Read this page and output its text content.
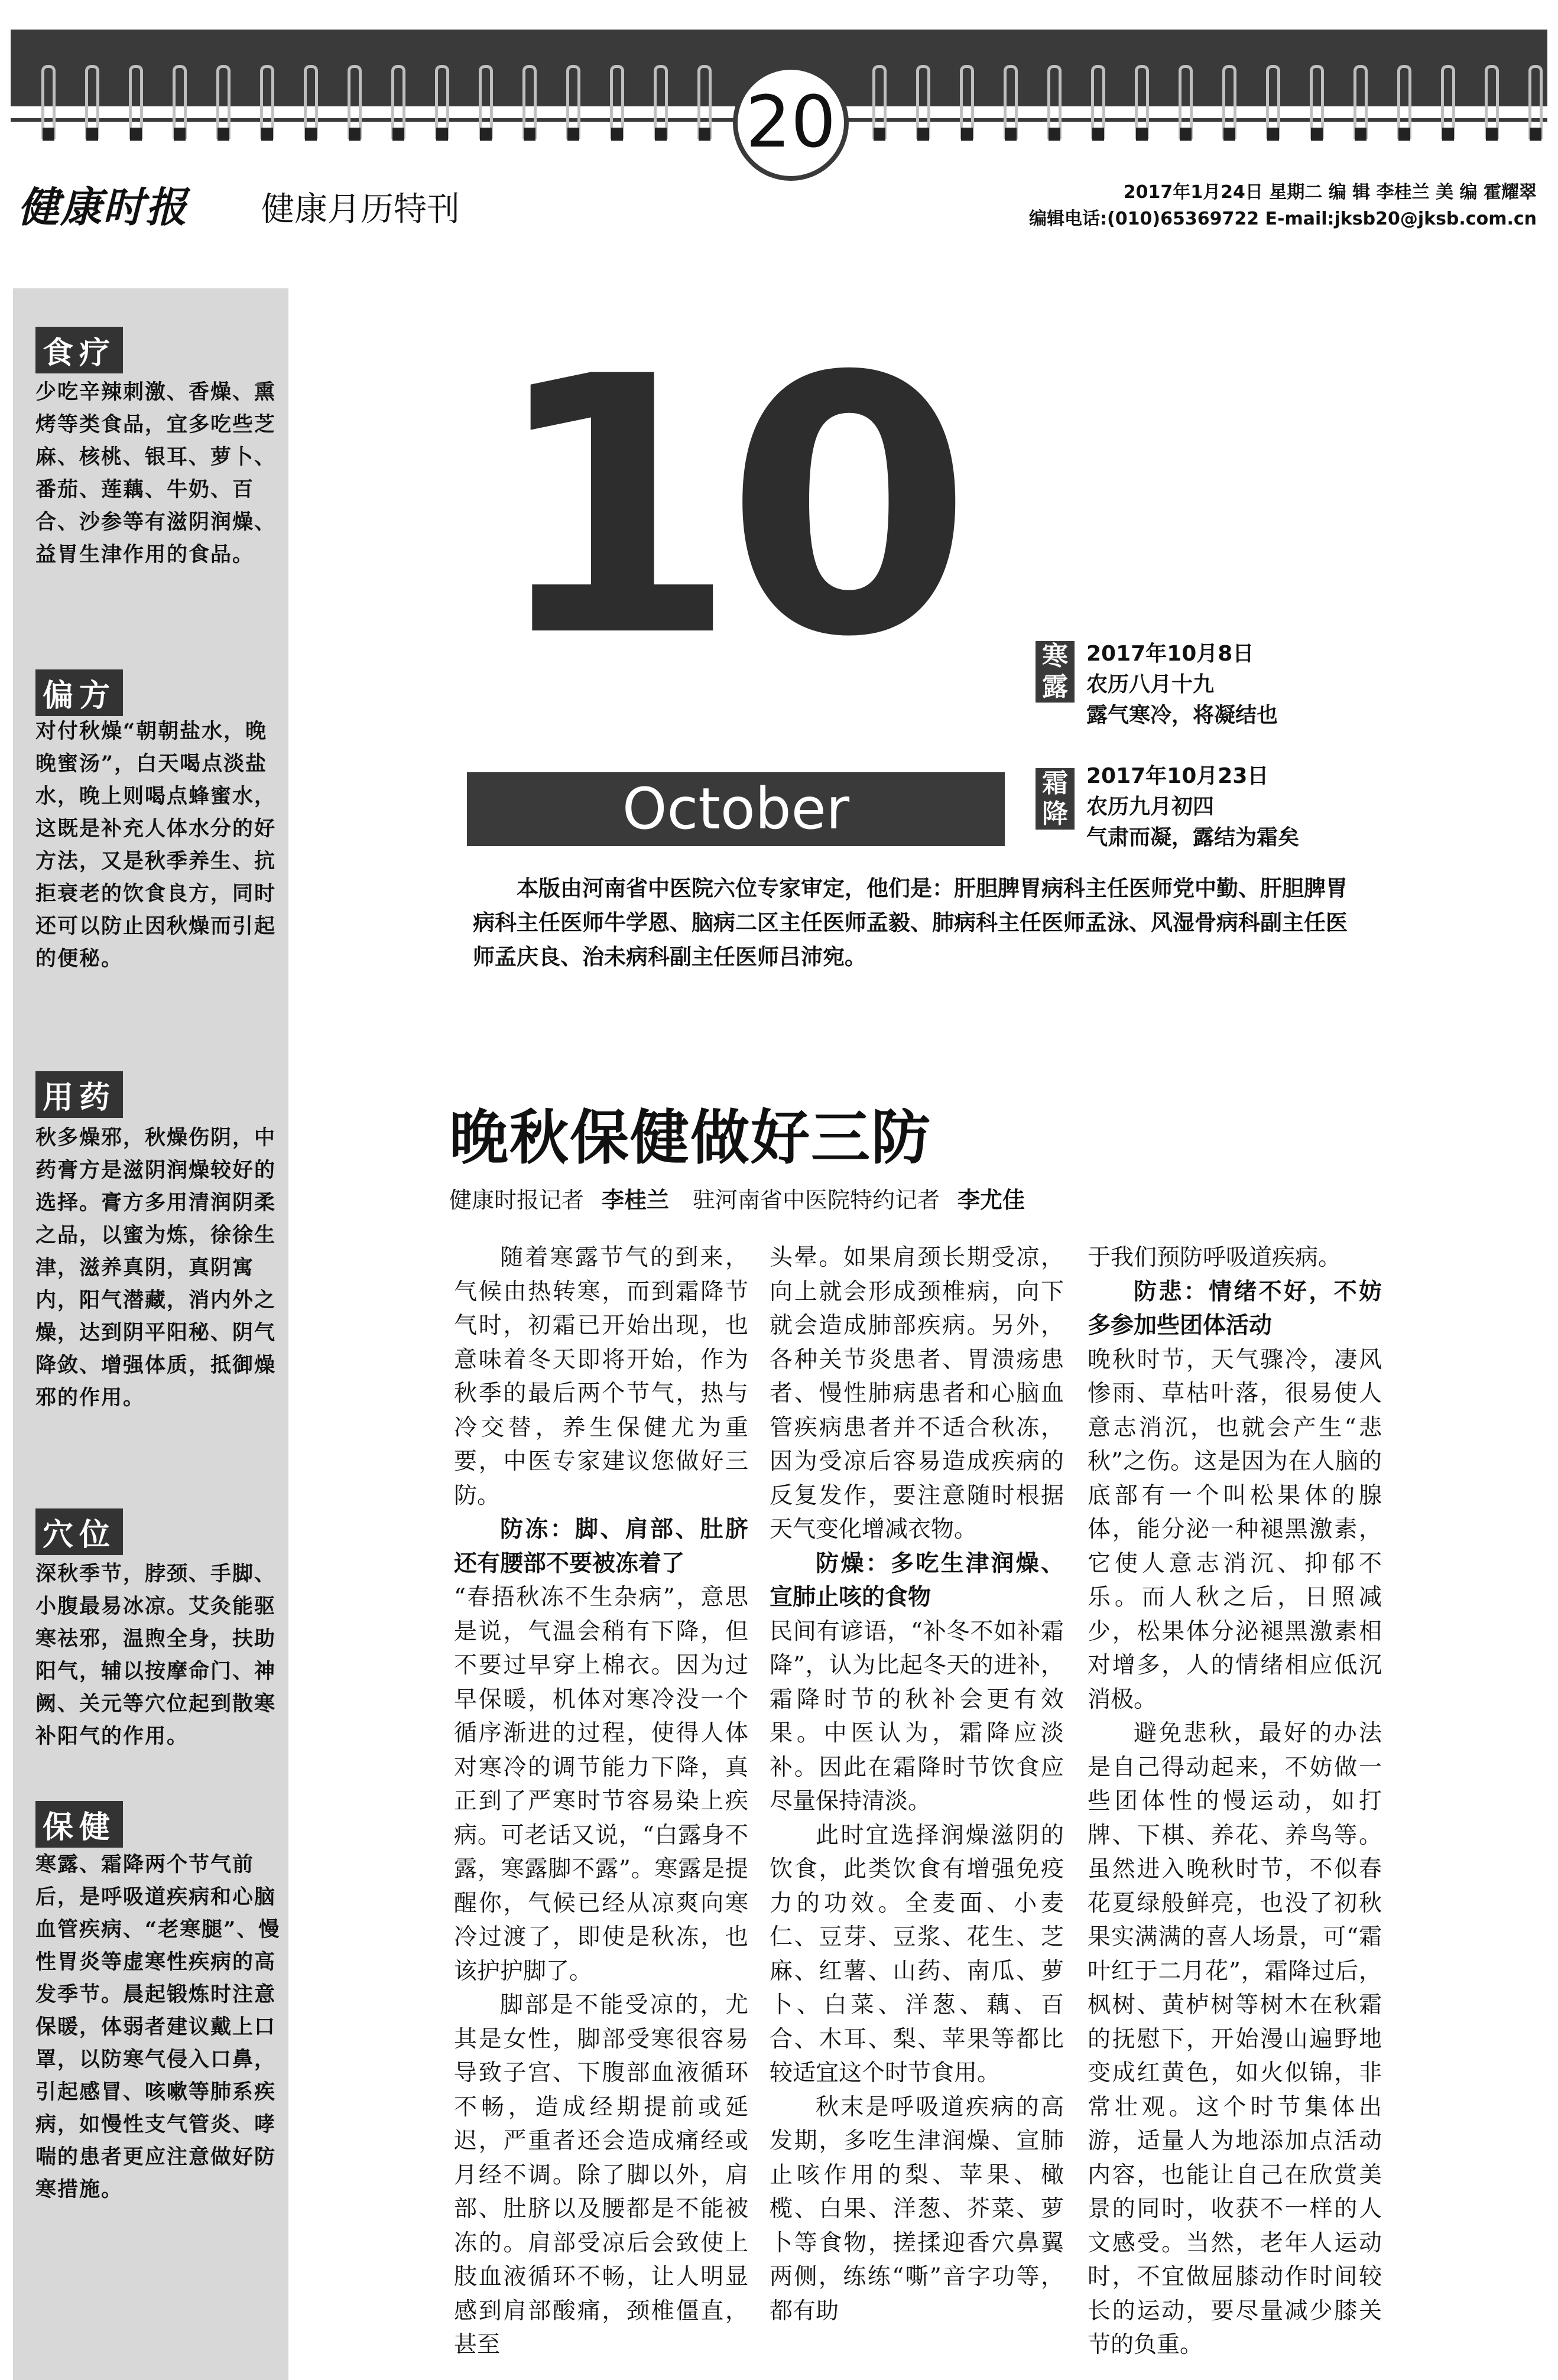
20
健康时报 健康月历特刊	2017年1月24日 星期二 编 辑 李桂兰 美 编 霍耀翠
编辑电话:(010)65369722 E-mail:jksb20@jksb.com.cn
食疗
少吃辛辣刺激、香燥、熏烤等类食品，宜多吃些芝麻、核桃、银耳、萝卜、番茄、莲藕、牛奶、百合、沙参等有滋阴润燥、益胃生津作用的食品。
偏方
对付秋燥“朝朝盐水，晚晚蜜汤”，白天喝点淡盐水，晚上则喝点蜂蜜水，这既是补充人体水分的好方法，又是秋季养生、抗拒衰老的饮食良方，同时还可以防止因秋燥而引起的便秘。
用药
秋多燥邪，秋燥伤阴，中药膏方是滋阴润燥较好的选择。膏方多用清润阴柔之品，以蜜为炼，徐徐生津，滋养真阴，真阴寓内，阳气潜藏，消内外之燥，达到阴平阳秘、阴气降敛、增强体质，抵御燥邪的作用。
穴位
深秋季节，脖颈、手脚、小腹最易冰凉。艾灸能驱寒祛邪，温煦全身，扶助阳气，辅以按摩命门、神阙、关元等穴位起到散寒补阳气的作用。
保健
寒露、霜降两个节气前后，是呼吸道疾病和心脑血管疾病、“老寒腿”、慢性胃炎等虚寒性疾病的高发季节。晨起锻炼时注意保暖，体弱者建议戴上口罩，以防寒气侵入口鼻，引起感冒、咳嗽等肺系疾病，如慢性支气管炎、哮喘的患者更应注意做好防寒措施。
10
October
寒露
2017年10月8日
农历八月十九
露气寒冷，将凝结也
霜降
2017年10月23日
农历九月初四
气肃而凝，露结为霜矣
本版由河南省中医院六位专家审定，他们是：肝胆脾胃病科主任医师党中勤、肝胆脾胃病科主任医师牛学恩、脑病二区主任医师孟毅、肺病科主任医师孟泳、风湿骨病科副主任医师孟庆良、治未病科副主任医师吕沛宛。
晚秋保健做好三防
健康时报记者 李桂兰 驻河南省中医院特约记者 李尤佳

随着寒露节气的到来，气候由热转寒，而到霜降节气时，初霜已开始出现，也意味着冬天即将开始，作为秋季的最后两个节气，热与冷交替，养生保健尤为重要，中医专家建议您做好三防。

防冻：脚、肩部、肚脐还有腰部不要被冻着了

“春捂秋冻不生杂病”，意思是说，气温会稍有下降，但不要过早穿上棉衣。因为过早保暖，机体对寒冷没一个循序渐进的过程，使得人体对寒冷的调节能力下降，真正到了严寒时节容易染上疾病。可老话又说，“白露身不露，寒露脚不露”。寒露是提醒你，气候已经从凉爽向寒冷过渡了，即使是秋冻，也该护护脚了。

脚部是不能受凉的，尤其是女性，脚部受寒很容易导致子宫、下腹部血液循环不畅，造成经期提前或延迟，严重者还会造成痛经或月经不调。除了脚以外，肩部、肚脐以及腰都是不能被冻的。肩部受凉后会致使上肢血液循环不畅，让人明显感到肩部酸痛，颈椎僵直，甚至

头晕。如果肩颈长期受凉，向上就会形成颈椎病，向下就会造成肺部疾病。另外，各种关节炎患者、胃溃疡患者、慢性肺病患者和心脑血管疾病患者并不适合秋冻，因为受凉后容易造成疾病的反复发作，要注意随时根据天气变化增减衣物。

防燥：多吃生津润燥、宣肺止咳的食物

民间有谚语，“补冬不如补霜降”，认为比起冬天的进补，霜降时节的秋补会更有效果。中医认为，霜降应淡补。因此在霜降时节饮食应尽量保持清淡。

此时宜选择润燥滋阴的饮食，此类饮食有增强免疫力的功效。全麦面、小麦仁、豆芽、豆浆、花生、芝麻、红薯、山药、南瓜、萝卜、白菜、洋葱、藕、百合、木耳、梨、苹果等都比较适宜这个时节食用。

秋末是呼吸道疾病的高发期，多吃生津润燥、宣肺止咳作用的梨、苹果、橄榄、白果、洋葱、芥菜、萝卜等食物，搓揉迎香穴鼻翼两侧，练练“嘶”音字功等，都有助

于我们预防呼吸道疾病。

防悲：情绪不好，不妨多参加些团体活动

晚秋时节，天气骤冷，凄风惨雨、草枯叶落，很易使人意志消沉，也就会产生“悲秋”之伤。这是因为在人脑的底部有一个叫松果体的腺体，能分泌一种褪黑激素，它使人意志消沉、抑郁不乐。而人秋之后，日照减少，松果体分泌褪黑激素相对增多，人的情绪相应低沉消极。

避免悲秋，最好的办法是自己得动起来，不妨做一些团体性的慢运动，如打牌、下棋、养花、养鸟等。虽然进入晚秋时节，不似春花夏绿般鲜亮，也没了初秋果实满满的喜人场景，可“霜叶红于二月花”，霜降过后，枫树、黄栌树等树木在秋霜的抚慰下，开始漫山遍野地变成红黄色，如火似锦，非常壮观。这个时节集体出游，适量人为地添加点活动内容，也能让自己在欣赏美景的同时，收获不一样的人文感受。当然，老年人运动时，不宜做屈膝动作时间较长的运动，要尽量减少膝关节的负重。
